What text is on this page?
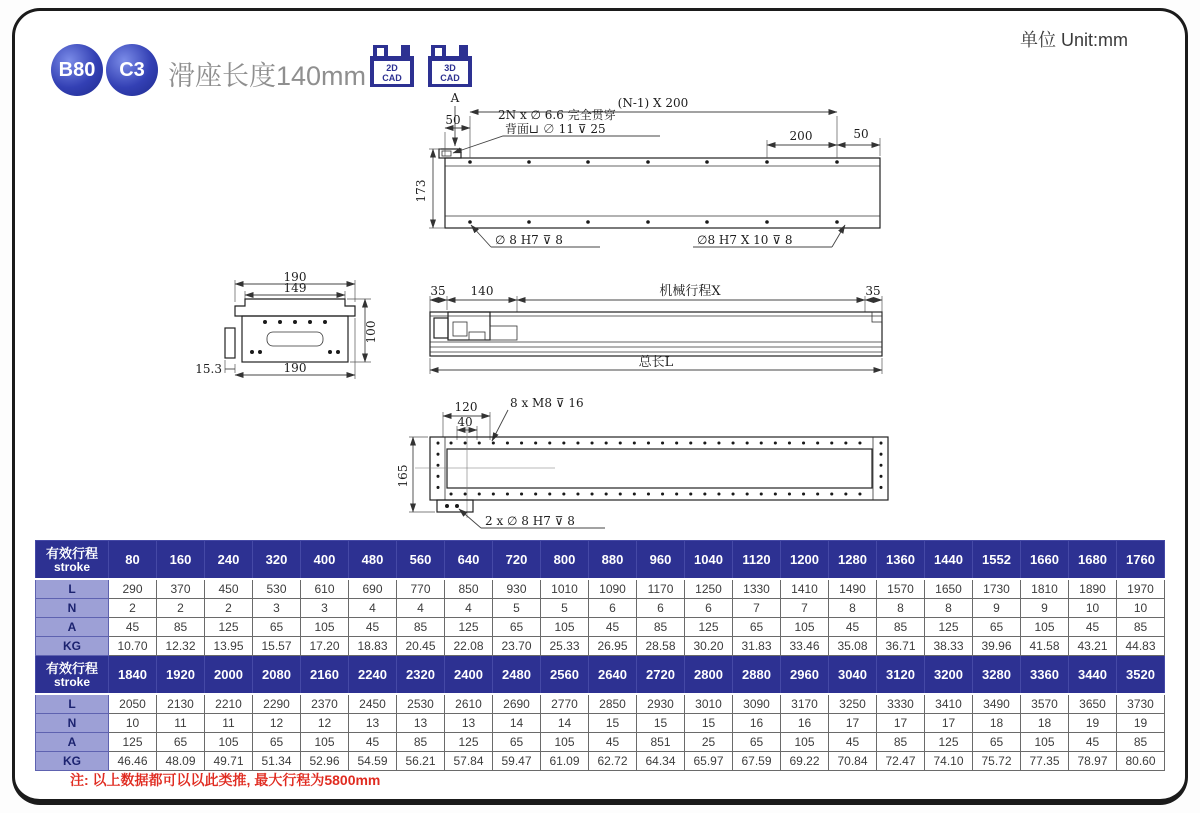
B80	C3 滑座长度140mm
单位 Unit:mm
2D
CAD
3D
CAD
A	(N-1) X 200
50	2N x ∅ 6.6 完全贯穿
背面⊔ ∅ 11 ⊽ 25	200	50
173
∅ 8 H7 ⊽ 8	∅8 H7 X 10 ⊽ 8
190
149
100
15.3	190
35 140	机械行程X	35
总长L
120
40
8 x M8 ⊽ 16
165
2 x ∅ 8 H7 ⊽ 8
有效行程
stroke	80	160	240	320	400	480	560	640	720	800	880	960	1040	1120	1200	1280	1360	1440	1552	1660	1680	1760
L	290	370	450	530	610	690	770	850	930	1010	1090	1170	1250	1330	1410	1490	1570	1650	1730	1810	1890	1970
N	2	2	2	3	3	4	4	4	5	5	6	6	6	7	7	8	8	8	9	9	10	10
A	45	85	125	65	105	45	85	125	65	105	45	85	125	65	105	45	85	125	65	105	45	85
KG	10.70	12.32	13.95	15.57	17.20	18.83	20.45	22.08	23.70	25.33	26.95	28.58	30.20	31.83	33.46	35.08	36.71	38.33	39.96	41.58	43.21	44.83

有效行程
stroke	1840	1920	2000	2080	2160	2240	2320	2400	2480	2560	2640	2720	2800	2880	2960	3040	3120	3200	3280	3360	3440	3520
L	2050	2130	2210	2290	2370	2450	2530	2610	2690	2770	2850	2930	3010	3090	3170	3250	3330	3410	3490	3570	3650	3730
N	10	11	11	12	12	13	13	13	14	14	15	15	15	16	16	17	17	17	18	18	19	19
A	125	65	105	65	105	45	85	125	65	105	45	851	25	65	105	45	85	125	65	105	45	85
KG	46.46	48.09	49.71	51.34	52.96	54.59	56.21	57.84	59.47	61.09	62.72	64.34	65.97	67.59	69.22	70.84	72.47	74.10	75.72	77.35	78.97	80.60
注: 以上数据都可以以此类推, 最大行程为5800mm
